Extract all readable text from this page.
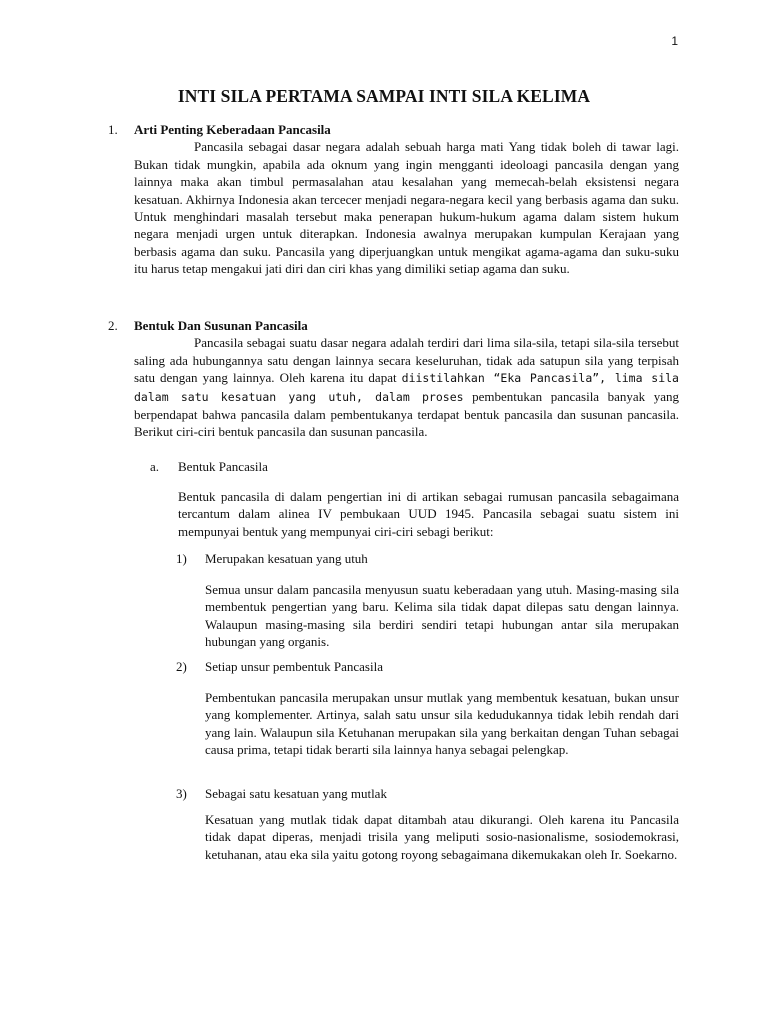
1
INTI SILA PERTAMA SAMPAI INTI SILA KELIMA
1.	Arti Penting Keberadaan Pancasila
Pancasila sebagai dasar negara adalah sebuah harga mati Yang tidak boleh di tawar lagi. Bukan tidak mungkin, apabila ada oknum yang ingin mengganti ideoloagi pancasila dengan yang lainnya maka akan timbul permasalahan atau kesalahan yang memecah-belah eksistensi negara kesatuan. Akhirnya Indonesia akan tercecer menjadi negara-negara kecil yang berbasis agama dan suku. Untuk menghindari masalah tersebut maka penerapan hukum-hukum agama dalam sistem hukum negara menjadi urgen untuk diterapkan. Indonesia awalnya merupakan kumpulan Kerajaan yang berbasis agama dan suku. Pancasila yang diperjuangkan untuk mengikat agama-agama dan suku-suku itu harus tetap mengakui jati diri dan ciri khas yang dimiliki setiap agama dan suku.
2.	Bentuk Dan Susunan Pancasila
Pancasila sebagai suatu dasar negara adalah terdiri dari lima sila-sila, tetapi sila-sila tersebut saling ada hubungannya satu dengan lainnya secara keseluruhan, tidak ada satupun sila yang terpisah satu dengan yang lainnya. Oleh karena itu dapat diistilahkan “Eka Pancasila”, lima sila dalam satu kesatuan yang utuh, dalam proses pembentukan pancasila banyak yang berpendapat bahwa pancasila dalam pembentukanya terdapat bentuk pancasila dan susunan pancasila. Berikut ciri-ciri bentuk pancasila dan susunan pancasila.
a.	Bentuk Pancasila
Bentuk pancasila di dalam pengertian ini di artikan sebagai rumusan pancasila sebagaimana tercantum dalam alinea IV pembukaan UUD 1945. Pancasila sebagai suatu sistem ini mempunyai bentuk yang mempunyai ciri-ciri sebagi berikut:
1)	Merupakan kesatuan yang utuh
Semua unsur dalam pancasila menyusun suatu keberadaan yang utuh. Masing-masing sila membentuk pengertian yang baru. Kelima sila tidak dapat dilepas satu dengan lainnya. Walaupun masing-masing sila berdiri sendiri tetapi hubungan antar sila merupakan hubungan yang organis.
2)	Setiap unsur pembentuk Pancasila
Pembentukan pancasila merupakan unsur mutlak yang membentuk kesatuan, bukan unsur yang komplementer. Artinya, salah satu unsur sila kedudukannya tidak lebih rendah dari yang lain. Walaupun sila Ketuhanan merupakan sila yang berkaitan dengan Tuhan sebagai causa prima, tetapi tidak berarti sila lainnya hanya sebagai pelengkap.
3)	Sebagai satu kesatuan yang mutlak
Kesatuan yang mutlak tidak dapat ditambah atau dikurangi. Oleh karena itu Pancasila tidak dapat diperas, menjadi trisila yang meliputi sosio-nasionalisme, sosiodemokrasi, ketuhanan, atau eka sila yaitu gotong royong sebagaimana dikemukakan oleh Ir. Soekarno.
